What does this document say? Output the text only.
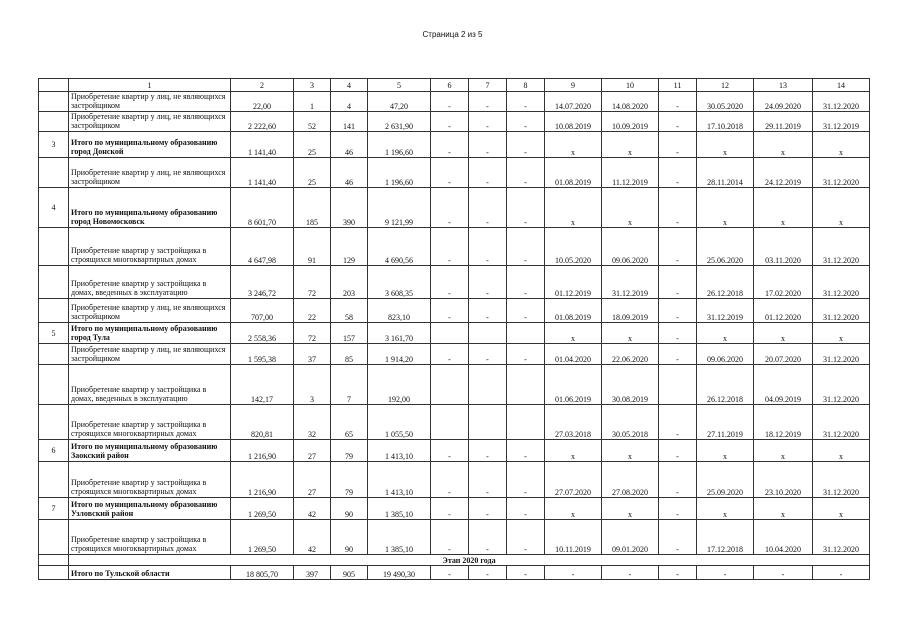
Страница 2 из 5
	1	2	3	4	5	6	7	8	9	10	11	12	13	14
	Приобретение квартир у лиц, не являющихся застройщиком	22,00	1	4	47,20	-	-	-	14.07.2020	14.08.2020	-	30.05.2020	24.09.2020	31.12.2020
	Приобретение квартир у лиц, не являющихся застройщиком	2 222,60	52	141	2 631,90	-	-	-	10.08.2019	10.09.2019	-	17.10.2018	29.11.2019	31.12.2019
3	Итого по муниципальному образованию город Донской	1 141,40	25	46	1 196,60	-	-	-	x	x	-	x	x	x
	Приобретение квартир у лиц, не являющихся застройщиком	1 141,40	25	46	1 196,60	-	-	-	01.08.2019	11.12.2019	-	28.11.2014	24.12.2019	31.12.2020
4	Итого по муниципальному образованию город Новомосковск	8 601,70	185	390	9 121,99	-	-	-	x	x	-	x	x	x
	Приобретение квартир у застройщика в строящихся многоквартирных домах	4 647,98	91	129	4 690,56	-	-	-	10.05.2020	09.06.2020	-	25.06.2020	03.11.2020	31.12.2020
	Приобретение квартир у застройщика в домах, введенных в эксплуатацию	3 246,72	72	203	3 608,35	-	-	-	01.12.2019	31.12.2019	-	26.12.2018	17.02.2020	31.12.2020
	Приобретение квартир у лиц, не являющихся застройщиком	707,00	22	58	823,10	-	-	-	01.08.2019	18.09.2019	-	31.12.2019	01.12.2020	31.12.2020
5	Итого по муниципальному образованию город Тула	2 558,36	72	157	3 161,70				x	x	-	x	x	x
	Приобретение квартир у лиц, не являющихся застройщиком	1 595,38	37	85	1 914,20	-	-	-	01.04.2020	22.06.2020	-	09.06.2020	20.07.2020	31.12.2020
	Приобретение квартир у застройщика в домах, введенных в эксплуатацию	142,17	3	7	192,00				01.06.2019	30.08.2019		26.12.2018	04.09.2019	31.12.2020
	Приобретение квартир у застройщика в строящихся многоквартирных домах	820,81	32	65	1 055,50				27.03.2018	30.05.2018	-	27.11.2019	18.12.2019	31.12.2020
6	Итого по муниципальному образованию Заокский район	1 216,90	27	79	1 413,10	-	-	-	x	x	-	x	x	x
	Приобретение квартир у застройщика в строящихся многоквартирных домах	1 216,90	27	79	1 413,10	-	-	-	27.07.2020	27.08.2020	-	25.09.2020	23.10.2020	31.12.2020
7	Итого по муниципальному образованию Узловский район	1 269,50	42	90	1 385,10	-	-	-	x	x	-	x	x	x
	Приобретение квартир у застройщика в строящихся многоквартирных домах	1 269,50	42	90	1 385,10	-	-	-	10.11.2019	09.01.2020	-	17.12.2018	10.04.2020	31.12.2020
	Этап 2020 года													
	Итого по Тульской области	18 805,70	397	905	19 490,30	-	-	-	-	-	-	-	-	-
